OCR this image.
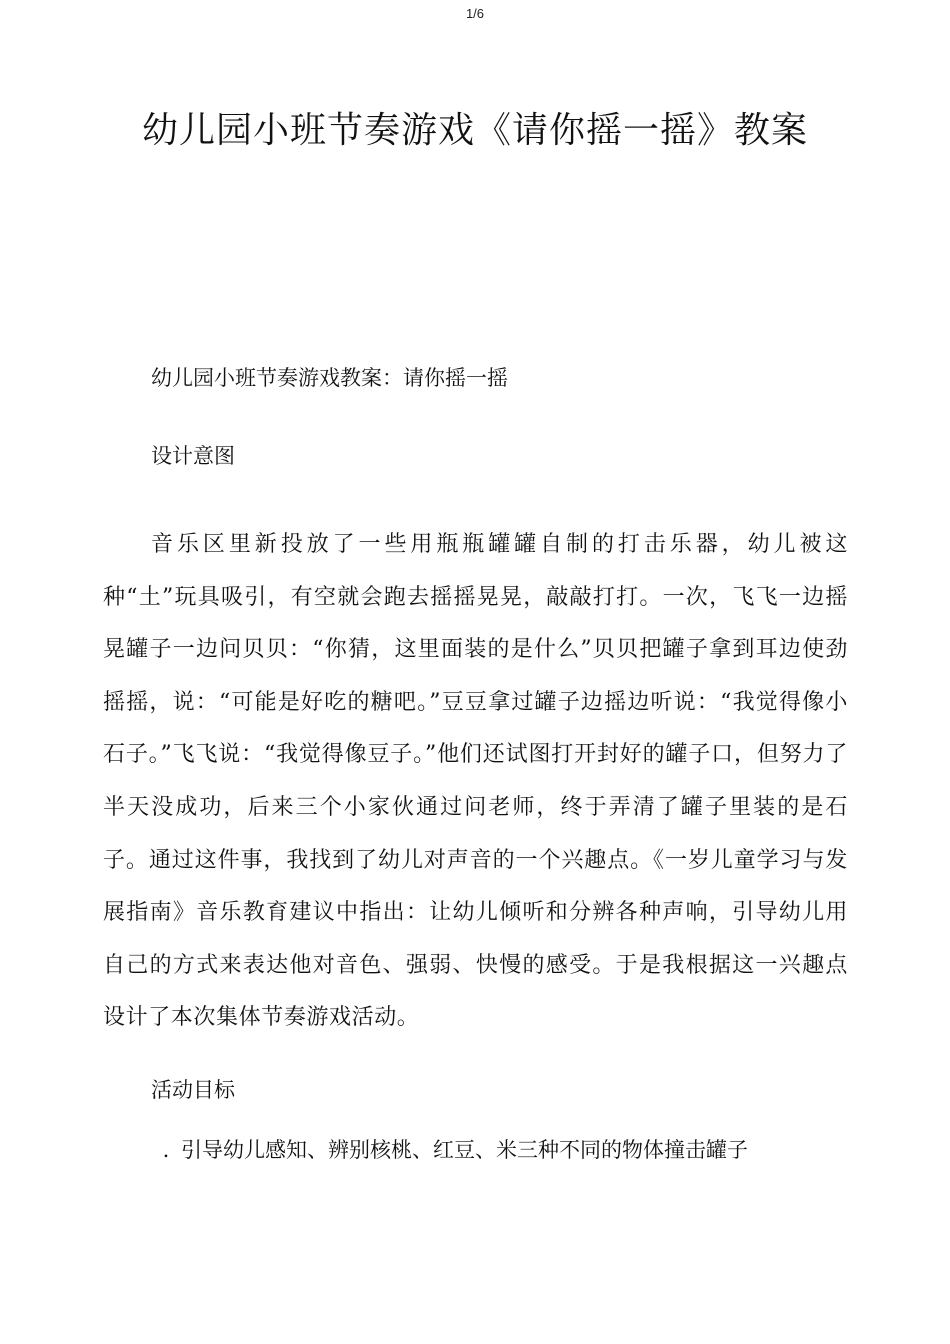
1/6
幼儿园小班节奏游戏《请你摇一摇》教案

幼儿园小班节奏游戏教案：请你摇一摇

设计意图

音乐区里新投放了一些用瓶瓶罐罐自制的打击乐器，幼儿被这种“土”玩具吸引，有空就会跑去摇摇晃晃，敲敲打打。一次，飞飞一边摇晃罐子一边问贝贝：“你猜，这里面装的是什么”贝贝把罐子拿到耳边使劲摇摇，说：“可能是好吃的糖吧。”豆豆拿过罐子边摇边听说：“我觉得像小石子。”飞飞说：“我觉得像豆子。”他们还试图打开封好的罐子口，但努力了半天没成功，后来三个小家伙通过问老师，终于弄清了罐子里装的是石子。通过这件事，我找到了幼儿对声音的一个兴趣点。《一岁儿童学习与发展指南》音乐教育建议中指出：让幼儿倾听和分辨各种声响，引导幼儿用自己的方式来表达他对音色、强弱、快慢的感受。于是我根据这一兴趣点设计了本次集体节奏游戏活动。

活动目标

. 引导幼儿感知、辨别核桃、红豆、米三种不同的物体撞击罐子
